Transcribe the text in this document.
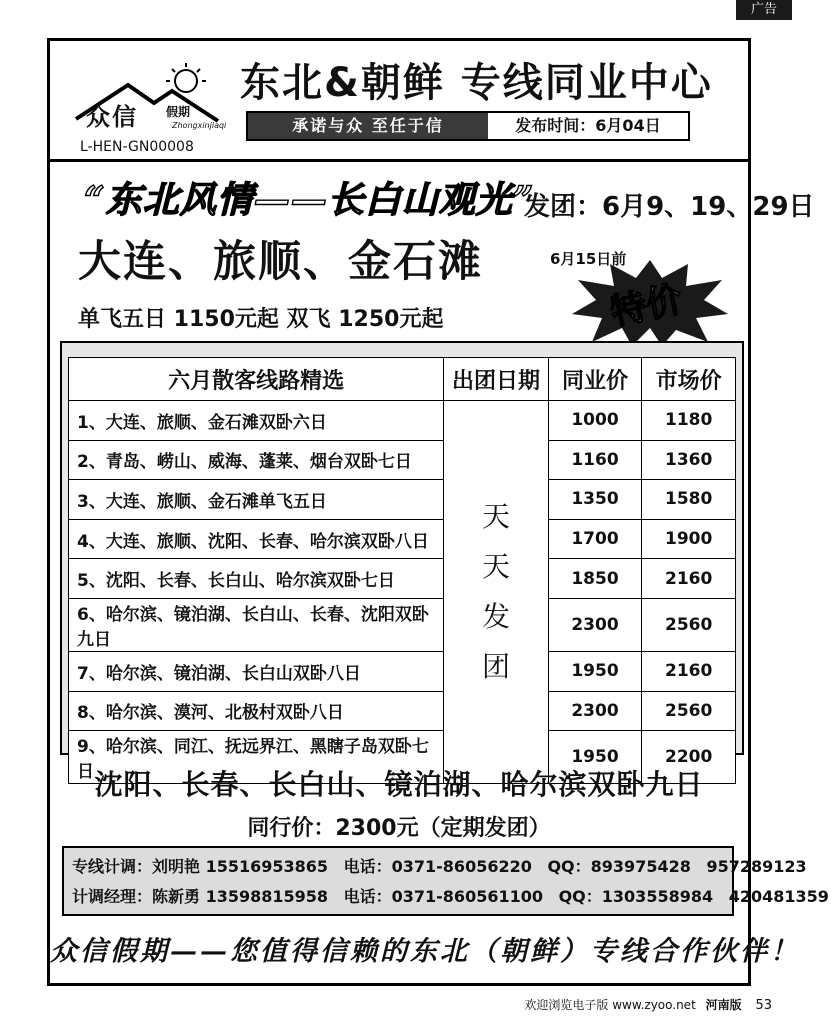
广告
众信 假期
Zhongxinjiaqi
L-HEN-GN00008
东北&朝鲜 专线同业中心
承诺与众 至任于信	发布时间：6月04日
“东北风情——长白山观光”
发团：6月9、19、29日
大连、旅顺、金石滩	6月15日前
特价
单飞五日 1150元起 双飞 1250元起
六月散客线路精选	出团日期	同业价	市场价
1、大连、旅顺、金石滩双卧六日	天天发团	1000	1180
2、青岛、崂山、威海、蓬莱、烟台双卧七日		1160	1360
3、大连、旅顺、金石滩单飞五日		1350	1580
4、大连、旅顺、沈阳、长春、哈尔滨双卧八日		1700	1900
5、沈阳、长春、长白山、哈尔滨双卧七日		1850	2160
6、哈尔滨、镜泊湖、长白山、长春、沈阳双卧九日		2300	2560
7、哈尔滨、镜泊湖、长白山双卧八日		1950	2160
8、哈尔滨、漠河、北极村双卧八日		2300	2560
9、哈尔滨、同江、抚远界江、黑瞎子岛双卧七日		1950	2200
沈阳、长春、长白山、镜泊湖、哈尔滨双卧九日
同行价：2300元（定期发团）
专线计调：刘明艳 15516953865 电话：0371-86056220 QQ：893975428 957289123
计调经理：陈新勇 13598815958 电话：0371-860561100 QQ：1303558984 420481359
众信假期——您值得信赖的东北（朝鲜）专线合作伙伴！
欢迎浏览电子版 www.zyoo.net 河南版 53
